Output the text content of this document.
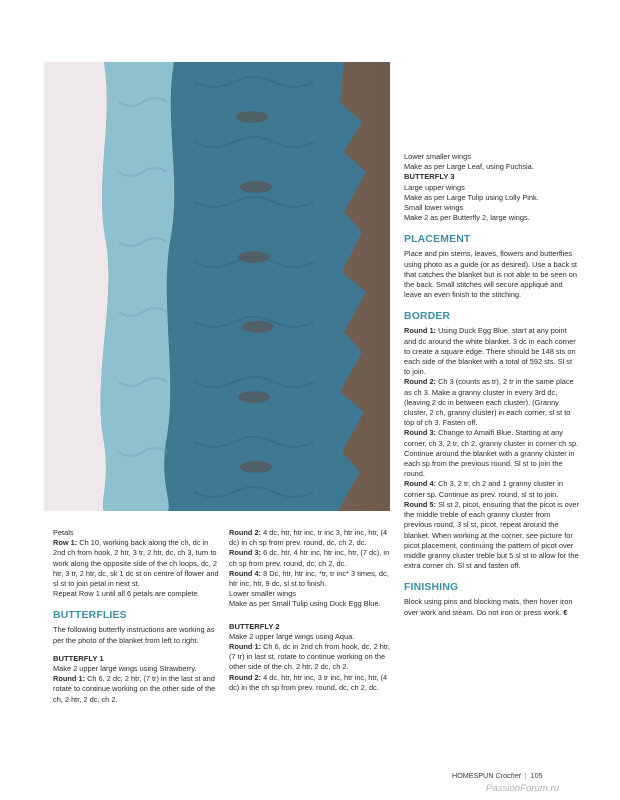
Lower smaller wings

Make as per Large Leaf, using Fuchsia.

BUTTERFLY 3

Large upper wings

Make as per Large Tulip using Lolly Pink.

Small lower wings

Make 2 as per Butterfly 2, large wings.

PLACEMENT

Place and pin stems, leaves, flowers and butterflies using photo as a guide (or as desired). Use a back st that catches the blanket but is not able to be seen on the back. Small stitches will secure appliqué and leave an even finish to the stitching.

BORDER

Round 1: Using Duck Egg Blue, start at any point and dc around the white blanket. 3 dc in each corner to create a square edge. There should be 148 sts on each side of the blanket with a total of 592 sts. Sl st to join.

Round 2: Ch 3 (counts as tr), 2 tr in the same place as ch 3. Make a granny cluster in every 3rd dc, (leaving 2 dc in between each cluster). (Granny cluster, 2 ch, granny cluster) in each corner, sl st to top of ch 3. Fasten off.

Round 3: Change to Amalfi Blue. Starting at any corner, ch 3, 2 tr, ch 2, granny cluster in corner ch sp. Continue around the blanket with a granny cluster in each sp from the previous round. Sl st to join the round.

Round 4: Ch 3, 2 tr, ch 2 and 1 granny cluster in corner sp. Continue as prev. round, sl st to join.

Round 5: Sl st 2, picot, ensuring that the picot is over the middle treble of each granny cluster from previous round, 3 sl st, picot, repeat around the blanket. When working at the corner, see picture for picot placement, continuing the pattern of picot over middle granny cluster treble but 5 sl st to allow for the extra corner ch. Sl st and fasten off.

FINISHING

Block using pins and blocking mats, then hover iron over work and steam. Do not iron or press work. €

Petals

Row 1: Ch 10, working back along the ch, dc in 2nd ch from hook, 2 htr, 3 tr, 2 htr, dc, ch 3, turn to work along the opposite side of the ch loops, dc, 2 htr, 3 tr, 2 htr, dc, sk 1 dc st on centre of flower and sl st to join petal in next st.

Repeat Row 1 until all 6 petals are complete.

BUTTERFLIES

The following butterfly instructions are working as per the photo of the blanket from left to right.

BUTTERFLY 1

Make 2 upper large wings using Strawberry.

Round 1: Ch 6, 2 dc, 2 htr, (7 tr) in the last st and rotate to continue working on the other side of the ch, 2 htr, 2 dc, ch 2.

Round 2: 4 dc, htr, htr inc, tr inc 3, htr inc, htr, (4 dc) in ch sp from prev. round, dc, ch 2, dc.

Round 3: 6 dc, htr, 4 htr inc, htr inc, htr, (7 dc), in ch sp from prev. round, dc, ch 2, dc.

Round 4: 8 Dc, htr, htr inc, *tr, tr inc* 3 times, dc, htr inc, htr, 9 dc, sl st to finish.

Lower smaller wings

Make as per Small Tulip using Duck Egg Blue.

BUTTERFLY 2

Make 2 upper large wings using Aqua.

Round 1: Ch 6, dc in 2nd ch from hook, dc, 2 htr, (7 tr) in last st, rotate to continue working on the other side of the ch, 2 htr, 2 dc, ch 2.

Round 2: 4 dc, htr, htr inc, 3 tr inc, htr inc, htr, (4 dc) in the ch sp from prev. round, dc, ch 2, dc.

HOMESPUN Crochet | 105
PassionForum.ru
